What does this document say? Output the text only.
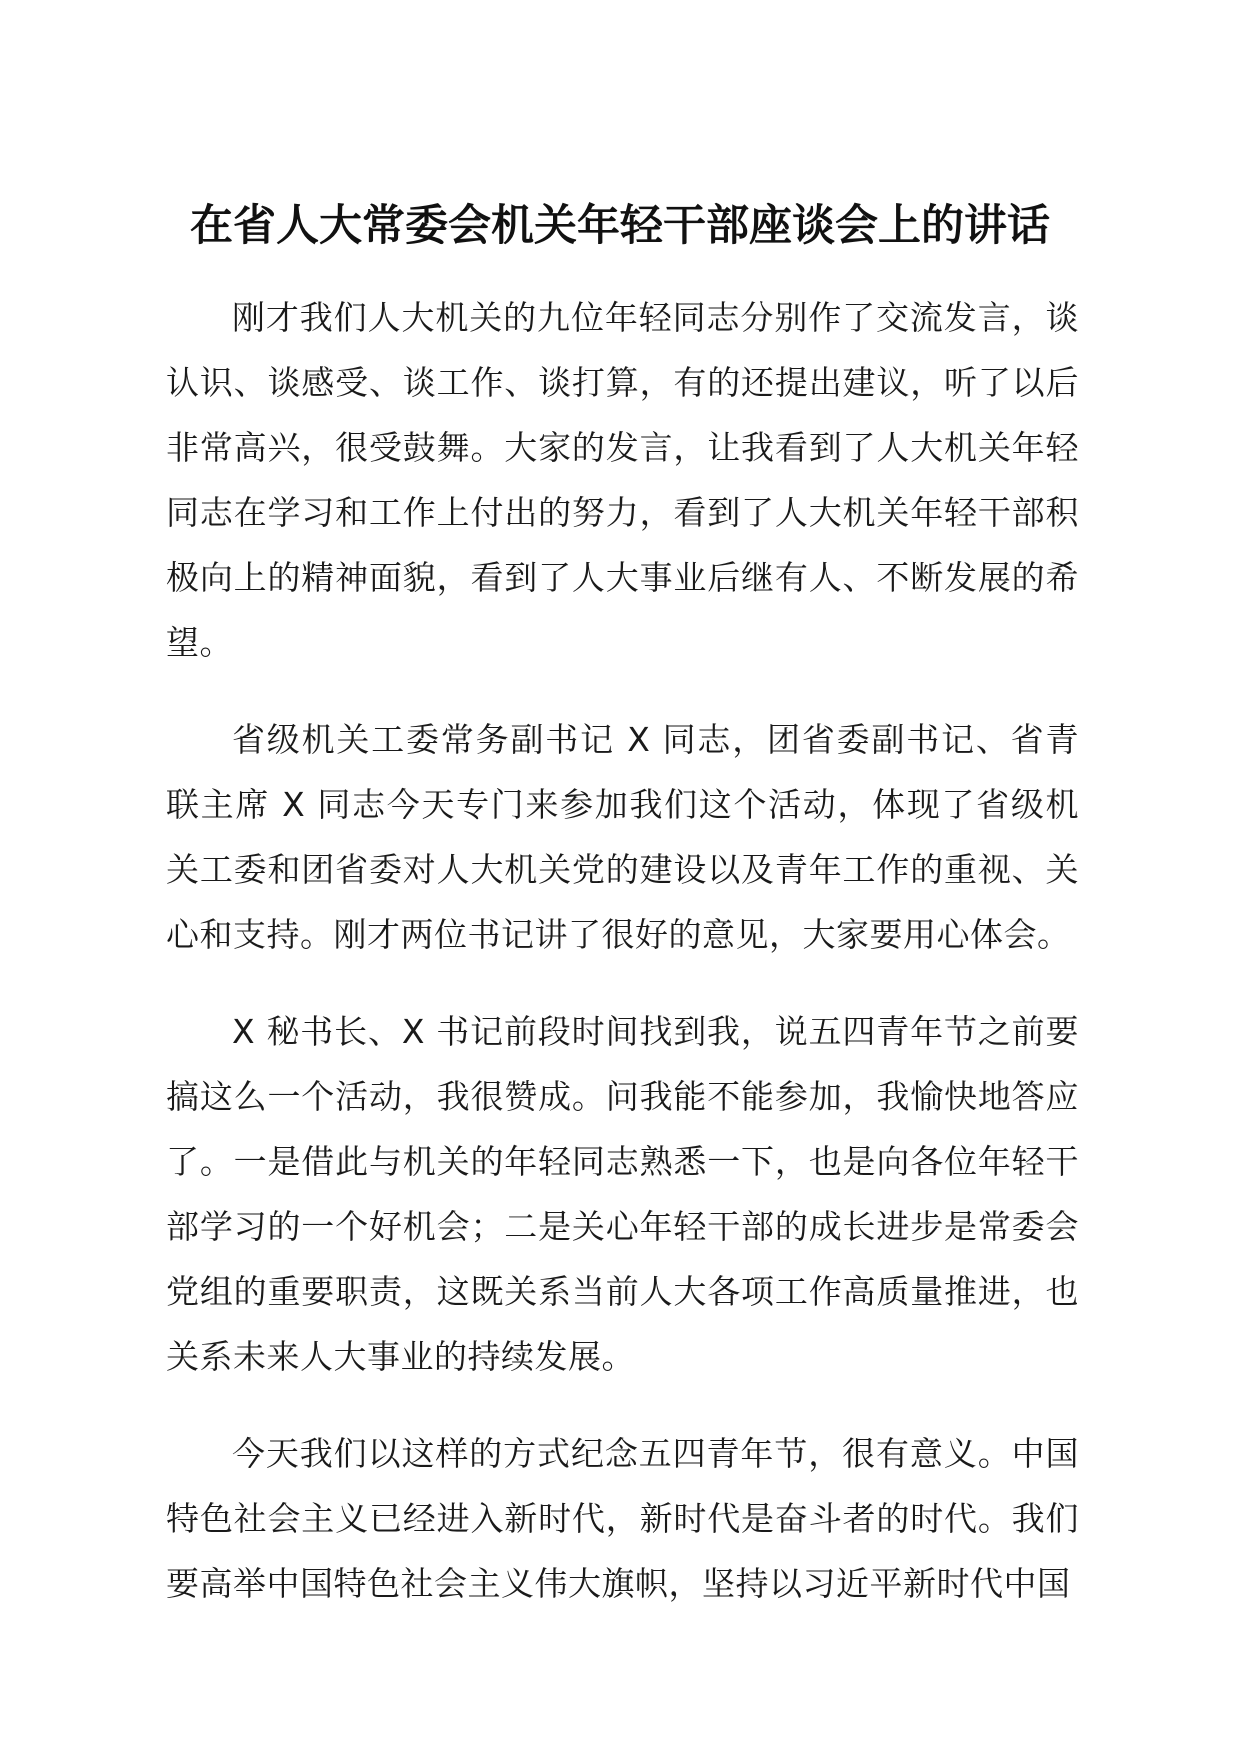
在省人大常委会机关年轻干部座谈会上的讲话

刚才我们人大机关的九位年轻同志分别作了交流发言，谈认识、谈感受、谈工作、谈打算，有的还提出建议，听了以后非常高兴，很受鼓舞。大家的发言，让我看到了人大机关年轻同志在学习和工作上付出的努力，看到了人大机关年轻干部积极向上的精神面貌，看到了人大事业后继有人、不断发展的希望。

省级机关工委常务副书记 X 同志，团省委副书记、省青联主席 X 同志今天专门来参加我们这个活动，体现了省级机关工委和团省委对人大机关党的建设以及青年工作的重视、关心和支持。刚才两位书记讲了很好的意见，大家要用心体会。

X 秘书长、X 书记前段时间找到我，说五四青年节之前要搞这么一个活动，我很赞成。问我能不能参加，我愉快地答应了。一是借此与机关的年轻同志熟悉一下，也是向各位年轻干部学习的一个好机会；二是关心年轻干部的成长进步是常委会党组的重要职责，这既关系当前人大各项工作高质量推进，也关系未来人大事业的持续发展。

今天我们以这样的方式纪念五四青年节，很有意义。中国特色社会主义已经进入新时代，新时代是奋斗者的时代。我们要高举中国特色社会主义伟大旗帜，坚持以习近平新时代中国
